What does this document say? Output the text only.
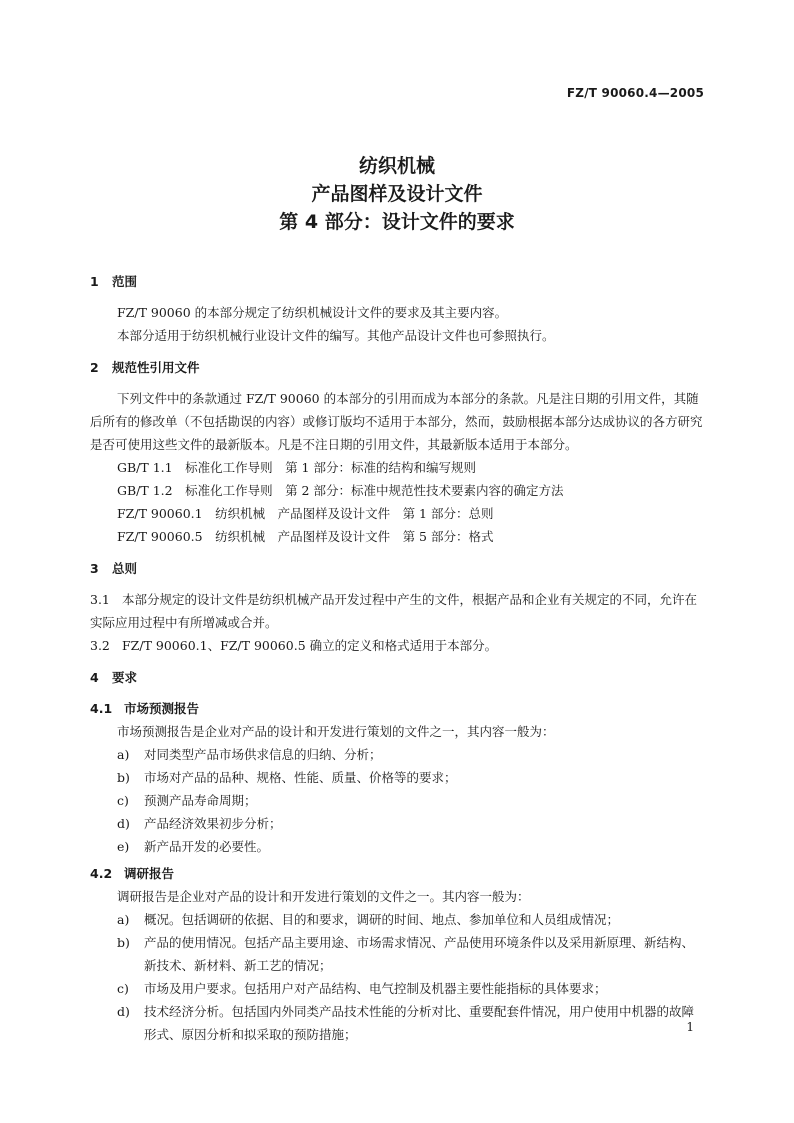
FZ/T 90060.4—2005
纺织机械
产品图样及设计文件
第 4 部分：设计文件的要求
1 范围

FZ/T 90060 的本部分规定了纺织机械设计文件的要求及其主要内容。

本部分适用于纺织机械行业设计文件的编写。其他产品设计文件也可参照执行。

2 规范性引用文件

下列文件中的条款通过 FZ/T 90060 的本部分的引用而成为本部分的条款。凡是注日期的引用文件，其随后所有的修改单（不包括勘误的内容）或修订版均不适用于本部分，然而，鼓励根据本部分达成协议的各方研究是否可使用这些文件的最新版本。凡是不注日期的引用文件，其最新版本适用于本部分。

GB/T 1.1　标准化工作导则　第 1 部分：标准的结构和编写规则

GB/T 1.2　标准化工作导则　第 2 部分：标准中规范性技术要素内容的确定方法

FZ/T 90060.1　纺织机械　产品图样及设计文件　第 1 部分：总则

FZ/T 90060.5　纺织机械　产品图样及设计文件　第 5 部分：格式

3 总则

3.1 本部分规定的设计文件是纺织机械产品开发过程中产生的文件，根据产品和企业有关规定的不同，允许在实际应用过程中有所增减或合并。

3.2 FZ/T 90060.1、FZ/T 90060.5 确立的定义和格式适用于本部分。

4 要求
4.1 市场预测报告

市场预测报告是企业对产品的设计和开发进行策划的文件之一，其内容一般为：

a) 对同类型产品市场供求信息的归纳、分析；
b) 市场对产品的品种、规格、性能、质量、价格等的要求；
c) 预测产品寿命周期；
d) 产品经济效果初步分析；
e) 新产品开发的必要性。
4.2 调研报告

调研报告是企业对产品的设计和开发进行策划的文件之一。其内容一般为：

a) 概况。包括调研的依据、目的和要求，调研的时间、地点、参加单位和人员组成情况；
b) 产品的使用情况。包括产品主要用途、市场需求情况、产品使用环境条件以及采用新原理、新结构、新技术、新材料、新工艺的情况；
c) 市场及用户要求。包括用户对产品结构、电气控制及机器主要性能指标的具体要求；
d) 技术经济分析。包括国内外同类产品技术性能的分析对比、重要配套件情况，用户使用中机器的故障形式、原因分析和拟采取的预防措施；	1
